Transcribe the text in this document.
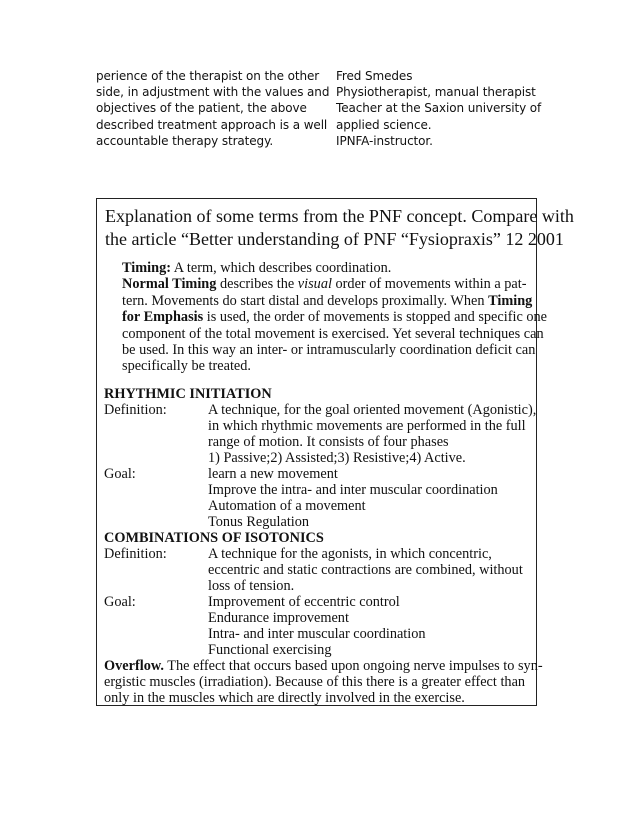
perience of the therapist on the other
side, in adjustment with the values and
objectives of the patient, the above
described treatment approach is a well
accountable therapy strategy.
Fred Smedes
Physiotherapist, manual therapist
Teacher at the Saxion university of
applied science.
IPNFA-instructor.
Explanation of some terms from the PNF concept. Compare with
the article “Better understanding of PNF “Fysiopraxis” 12 2001
Timing: A term, which describes coordination.
Normal Timing describes the visual order of movements within a pat-
tern. Movements do start distal and develops proximally. When Timing
for Emphasis is used, the order of movements is stopped and specific one
component of the total movement is exercised. Yet several techniques can
be used. In this way an inter- or intramuscularly coordination deficit can
specifically be treated.
RHYTHMIC INITIATION
Definition:	A technique, for the goal oriented movement (Agonistic),
in which rhythmic movements are performed in the full
range of motion. It consists of four phases
1) Passive;2) Assisted;3) Resistive;4) Active.
Goal:	learn a new movement
Improve the intra- and inter muscular coordination
Automation of a movement
Tonus Regulation
COMBINATIONS OF ISOTONICS
Definition:	A technique for the agonists, in which concentric,
eccentric and static contractions are combined, without
loss of tension.
Goal:	Improvement of eccentric control
Endurance improvement
Intra- and inter muscular coordination
Functional exercising
Overflow. The effect that occurs based upon ongoing nerve impulses to syn-
ergistic muscles (irradiation). Because of this there is a greater effect than
only in the muscles which are directly involved in the exercise.
